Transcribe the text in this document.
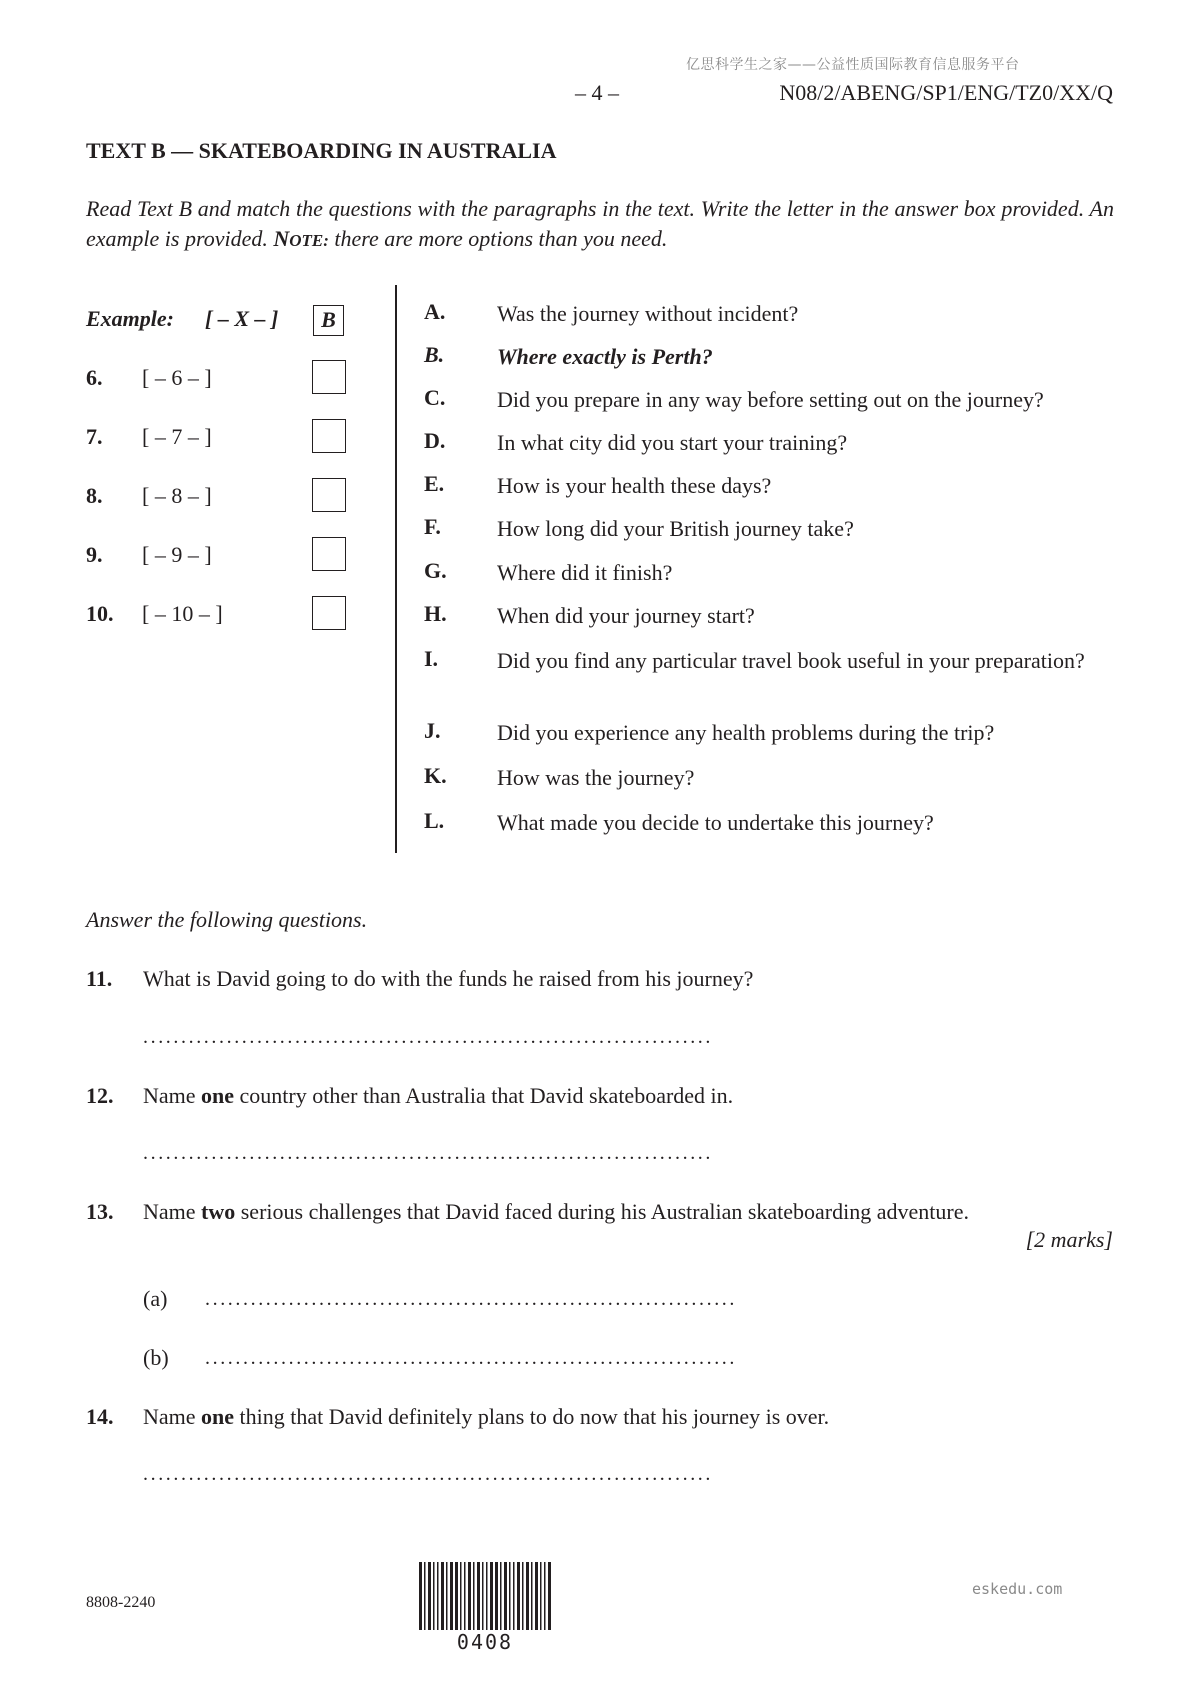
亿思科学生之家——公益性质国际教育信息服务平台
– 4 –	N08/2/ABENG/SP1/ENG/TZ0/XX/Q
TEXT B — SKATEBOARDING IN AUSTRALIA
Read Text B and match the questions with the paragraphs in the text. Write the letter in the answer box provided. An example is provided. NOTE: there are more options than you need.
Example: [ – X – ]	B
6. [ – 6 – ]
7. [ – 7 – ]
8. [ – 8 – ]
9. [ – 9 – ]
10. [ – 10 – ]
A. Was the journey without incident?
B. Where exactly is Perth?
C. Did you prepare in any way before setting out on the journey?
D. In what city did you start your training?
E. How is your health these days?
F.	How long did your British journey take?
G. Where did it finish?
H. When did your journey start?
I.	Did you find any particular travel book useful in your preparation?
J.	Did you experience any health problems during the trip?
K. How was the journey?
L. What made you decide to undertake this journey?
Answer the following questions.
11. What is David going to do with the funds he raised from his journey?
...........................................................................
12. Name one country other than Australia that David skateboarded in.
...........................................................................
13. Name two serious challenges that David faced during his Australian skateboarding adventure.
[2 marks]
(a) ......................................................................
(b) ......................................................................
14. Name one thing that David definitely plans to do now that his journey is over.
...........................................................................
8808-2240
0408
eskedu.com
